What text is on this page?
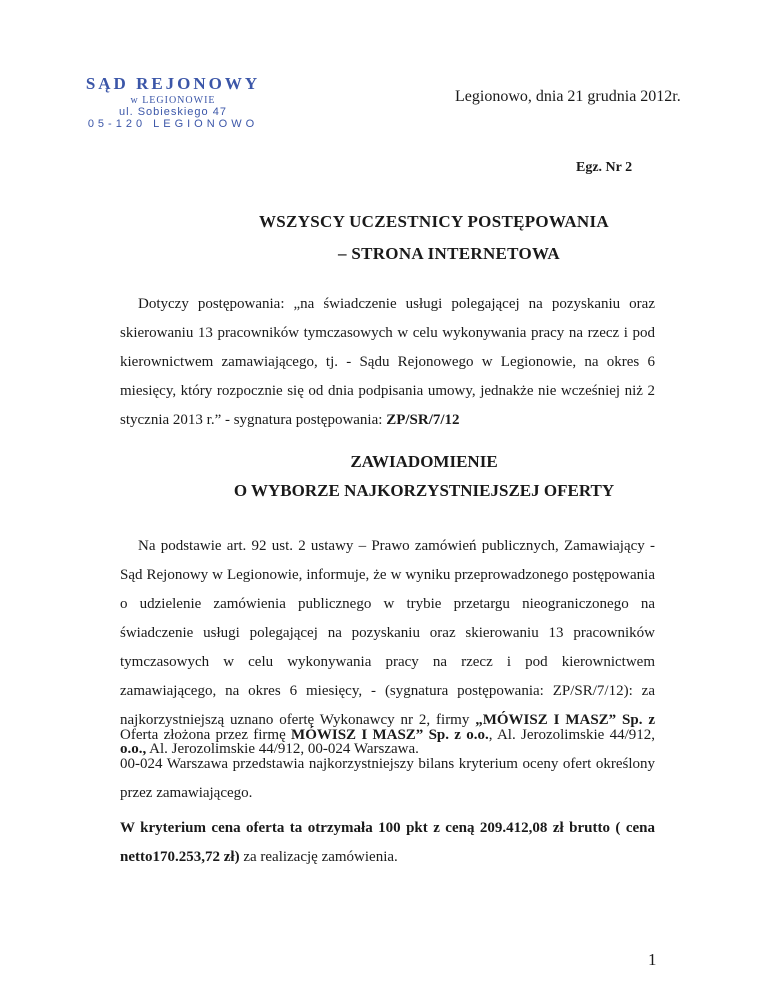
SĄD REJONOWY
w LEGIONOWIE
ul. Sobieskiego 47
05-120 LEGIONOWO
Legionowo, dnia 21 grudnia 2012r.
Egz. Nr 2
WSZYSCY UCZESTNICY POSTĘPOWANIA
– STRONA INTERNETOWA
Dotyczy postępowania: „na świadczenie usługi polegającej na pozyskaniu oraz skierowaniu 13 pracowników tymczasowych w celu wykonywania pracy na rzecz i pod kierownictwem zamawiającego, tj. - Sądu Rejonowego w Legionowie, na okres 6 miesięcy, który rozpocznie się od dnia podpisania umowy, jednakże nie wcześniej niż 2 stycznia 2013 r.” - sygnatura postępowania: ZP/SR/7/12
ZAWIADOMIENIE
O WYBORZE NAJKORZYSTNIEJSZEJ OFERTY
Na podstawie art. 92 ust. 2 ustawy – Prawo zamówień publicznych, Zamawiający - Sąd Rejonowy w Legionowie, informuje, że w wyniku przeprowadzonego postępowania o udzielenie zamówienia publicznego w trybie przetargu nieograniczonego na świadczenie usługi polegającej na pozyskaniu oraz skierowaniu 13 pracowników tymczasowych w celu wykonywania pracy na rzecz i pod kierownictwem zamawiającego, na okres 6 miesięcy, - (sygnatura postępowania: ZP/SR/7/12): za najkorzystniejszą uznano ofertę Wykonawcy nr 2, firmy „MÓWISZ I MASZ” Sp. z o.o., Al. Jerozolimskie 44/912, 00-024 Warszawa.
Oferta złożona przez firmę MÓWISZ I MASZ” Sp. z o.o., Al. Jerozolimskie 44/912, 00-024 Warszawa przedstawia najkorzystniejszy bilans kryterium oceny ofert określony przez zamawiającego.
W kryterium cena oferta ta otrzymała 100 pkt z ceną 209.412,08 zł brutto ( cena netto170.253,72 zł) za realizację zamówienia.
1
